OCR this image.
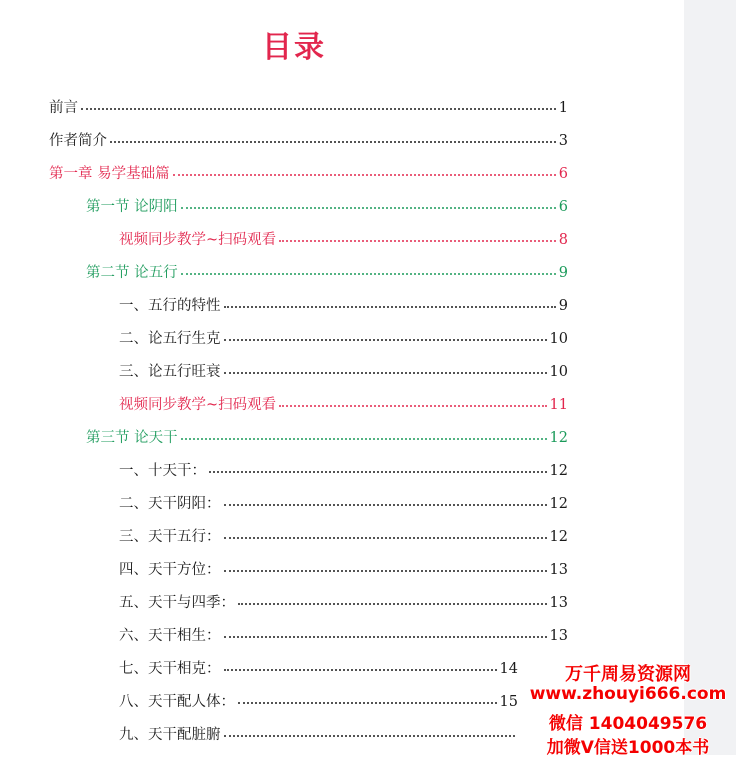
目录
前言	1
作者简介	3
第一章 易学基础篇	6
第一节 论阴阳	6
视频同步教学~扫码观看	8
第二节 论五行	9
一、五行的特性	9
二、论五行生克	10
三、论五行旺衰	10
视频同步教学~扫码观看	11
第三节 论天干	12
一、十天干：	12
二、天干阴阳：	12
三、天干五行：	12
四、天干方位：	13
五、天干与四季：	13
六、天干相生：	13
七、天干相克：	14
八、天干配人体：	15
九、天干配脏腑
万千周易资源网
www.zhouyi666.com
微信 1404049576
加微V信送1000本书
